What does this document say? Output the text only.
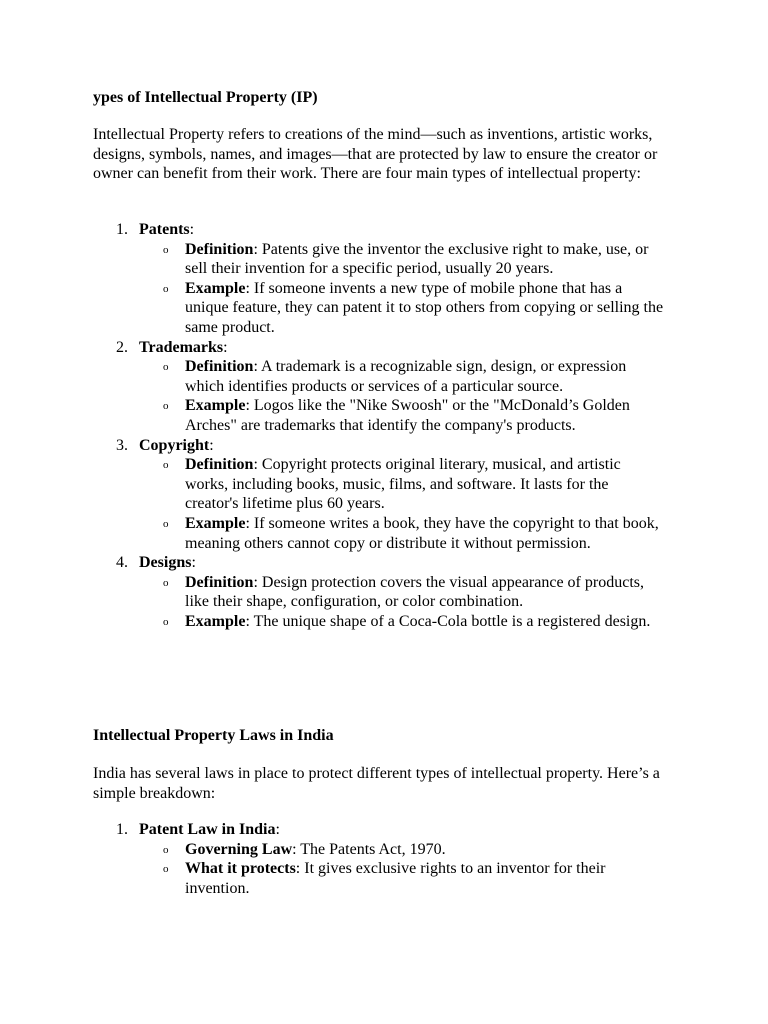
ypes of Intellectual Property (IP)
Intellectual Property refers to creations of the mind—such as inventions, artistic works, designs, symbols, names, and images—that are protected by law to ensure the creator or owner can benefit from their work. There are four main types of intellectual property:
1. Patents:
o Definition: Patents give the inventor the exclusive right to make, use, or sell their invention for a specific period, usually 20 years.
o Example: If someone invents a new type of mobile phone that has a unique feature, they can patent it to stop others from copying or selling the same product.
2. Trademarks:
o Definition: A trademark is a recognizable sign, design, or expression which identifies products or services of a particular source.
o Example: Logos like the "Nike Swoosh" or the "McDonald’s Golden Arches" are trademarks that identify the company's products.
3. Copyright:
o Definition: Copyright protects original literary, musical, and artistic works, including books, music, films, and software. It lasts for the creator's lifetime plus 60 years.
o Example: If someone writes a book, they have the copyright to that book, meaning others cannot copy or distribute it without permission.
4. Designs:
o Definition: Design protection covers the visual appearance of products, like their shape, configuration, or color combination.
o Example: The unique shape of a Coca-Cola bottle is a registered design.
Intellectual Property Laws in India
India has several laws in place to protect different types of intellectual property. Here’s a simple breakdown:
1. Patent Law in India:
o Governing Law: The Patents Act, 1970.
o What it protects: It gives exclusive rights to an inventor for their invention.
